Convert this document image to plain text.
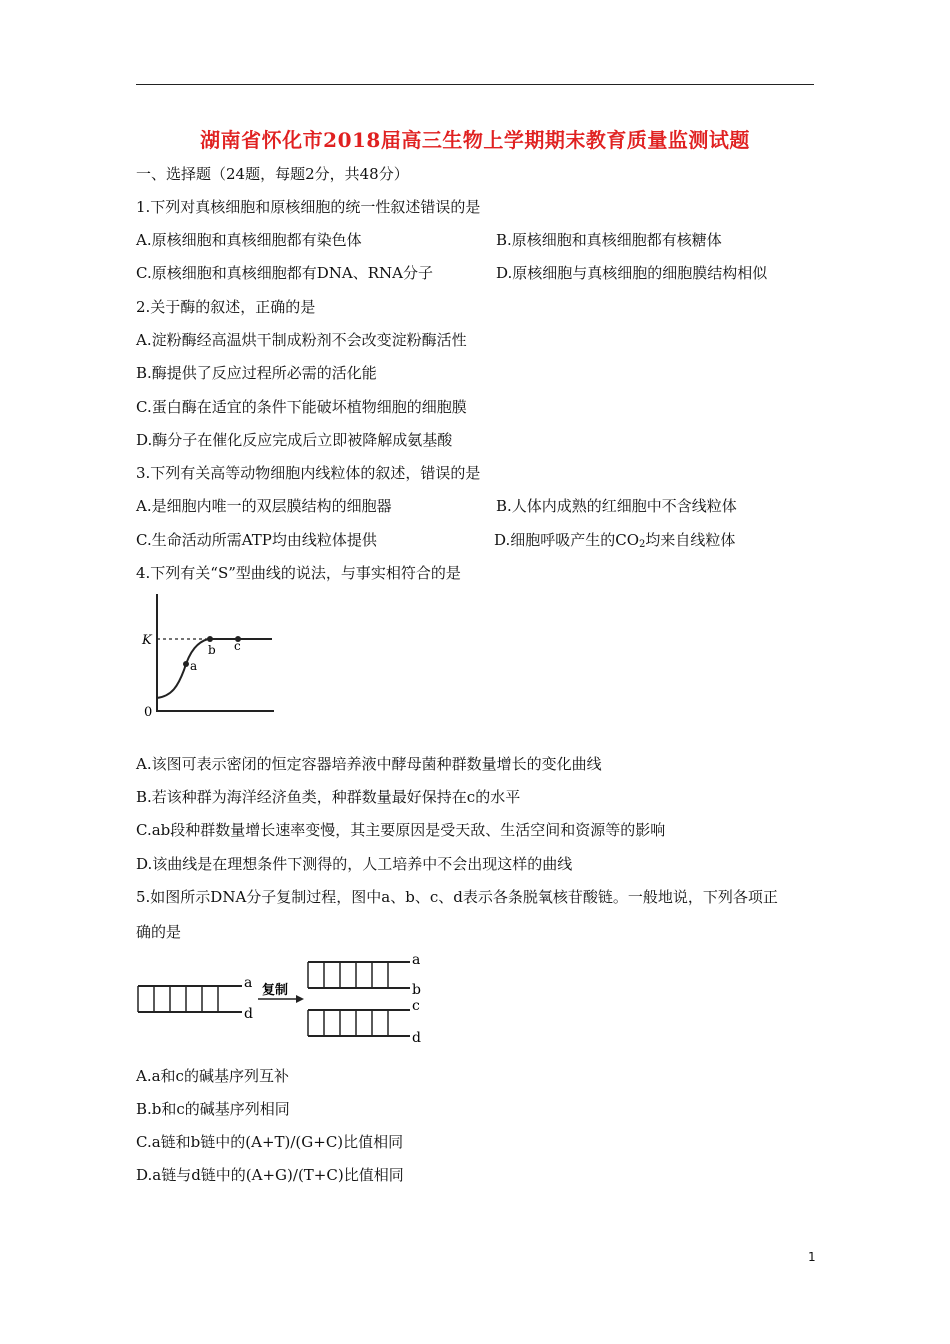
湖南省怀化市2018届高三生物上学期期末教育质量监测试题
一、选择题（24题，每题2分，共48分）
1.下列对真核细胞和原核细胞的统一性叙述错误的是
A.原核细胞和真核细胞都有染色体	B.原核细胞和真核细胞都有核糖体
C.原核细胞和真核细胞都有DNA、RNA分子	D.原核细胞与真核细胞的细胞膜结构相似
2.关于酶的叙述，正确的是
A.淀粉酶经高温烘干制成粉剂不会改变淀粉酶活性
B.酶提供了反应过程所必需的活化能
C.蛋白酶在适宜的条件下能破坏植物细胞的细胞膜
D.酶分子在催化反应完成后立即被降解成氨基酸
3.下列有关高等动物细胞内线粒体的叙述，错误的是
A.是细胞内唯一的双层膜结构的细胞器	B.人体内成熟的红细胞中不含线粒体
C.生命活动所需ATP均由线粒体提供	D.细胞呼吸产生的$CO_2$均来自线粒体
4.下列有关“S”型曲线的说法，与事实相符合的是
K
0
a
b c
A.该图可表示密闭的恒定容器培养液中酵母菌种群数量增长的变化曲线
B.若该种群为海洋经济鱼类，种群数量最好保持在c的水平
C.ab段种群数量增长速率变慢，其主要原因是受天敌、生活空间和资源等的影响
D.该曲线是在理想条件下测得的，人工培养中不会出现这样的曲线
5.如图所示DNA分子复制过程，图中a、b、c、d表示各条脱氧核苷酸链。一般地说，下列各项正
确的是
a
d
复制
a
b
c
d
A.a和c的碱基序列互补
B.b和c的碱基序列相同
C.a链和b链中的(A+T)/(G+C)比值相同
D.a链与d链中的(A+G)/(T+C)比值相同
1
